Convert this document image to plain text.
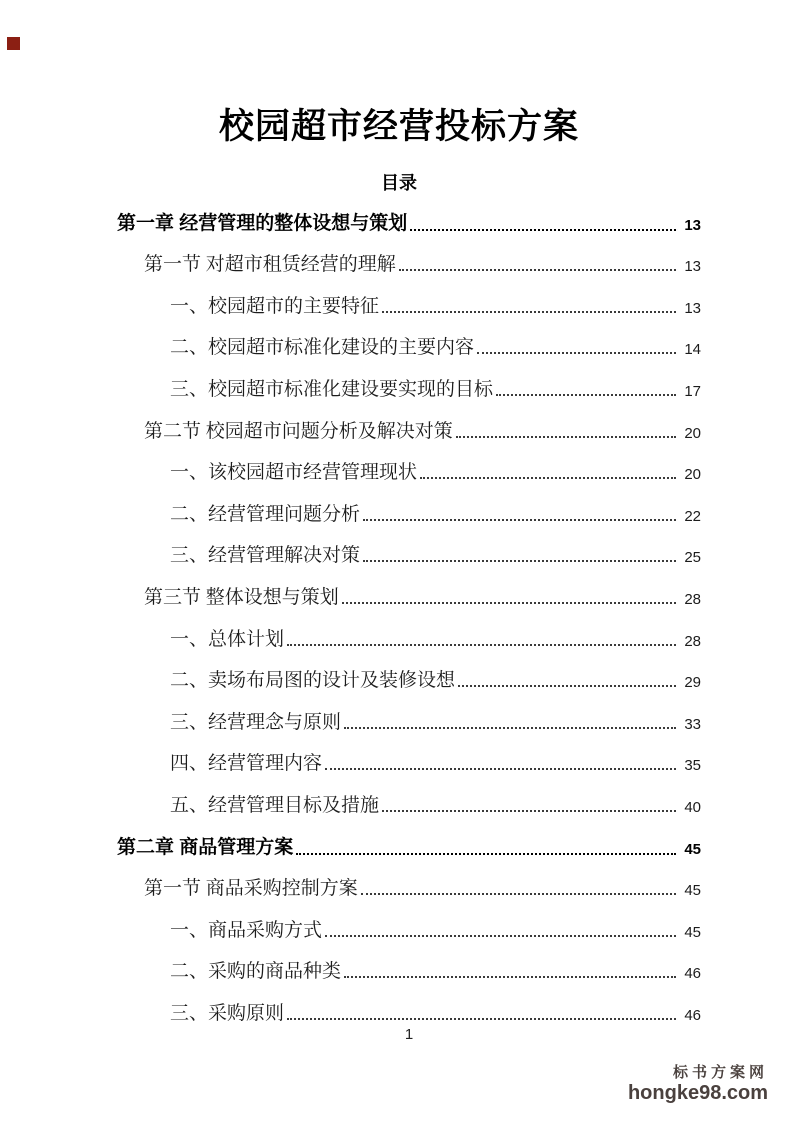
校园超市经营投标方案
目录
第一章 经营管理的整体设想与策划	13
第一节 对超市租赁经营的理解	13
一、校园超市的主要特征	13
二、校园超市标准化建设的主要内容	14
三、校园超市标准化建设要实现的目标	17
第二节 校园超市问题分析及解决对策	20
一、该校园超市经营管理现状	20
二、经营管理问题分析	22
三、经营管理解决对策	25
第三节 整体设想与策划	28
一、总体计划	28
二、卖场布局图的设计及装修设想	29
三、经营理念与原则	33
四、经营管理内容	35
五、经营管理目标及措施	40
第二章 商品管理方案	45
第一节 商品采购控制方案	45
一、商品采购方式	45
二、采购的商品种类	46
三、采购原则	46
1
标书方案网
hongke98.com
